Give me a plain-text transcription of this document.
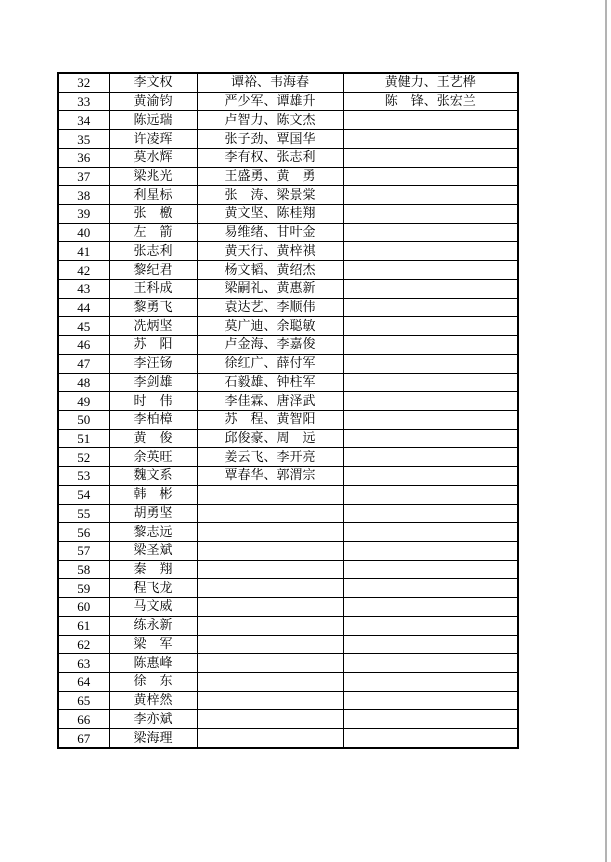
32	李文权	谭裕、韦海春	黄健力、王艺桦
33	黄渝钧	严少军、谭雄升	陈　锋、张宏兰
34	陈远瑞	卢智力、陈文杰	
35	许凌珲	张子劲、覃国华	
36	莫水辉	李有权、张志利	
37	梁兆光	王盛勇、黄　勇	
38	利星标	张　涛、梁景棠	
39	张　檄	黄文坚、陈桂翔	
40	左　箭	易维绪、甘叶金	
41	张志利	黄天行、黄梓祺	
42	黎纪君	杨文韬、黄绍杰	
43	王科成	梁嗣礼、黄惠新	
44	黎勇飞	袁达艺、李顺伟	
45	冼炳坚	莫广迪、余聪敏	
46	苏　阳	卢金海、李嘉俊	
47	李汪钖	徐红广、薛付军	
48	李剑雄	石毅雄、钟柱军	
49	时　伟	李佳霖、唐泽武	
50	李柏樟	苏　程、黄智阳	
51	黄　俊	邱俊豪、周　远	
52	余英旺	姜云飞、李开亮	
53	魏文系	覃春华、郭渭宗	
54	韩　彬		
55	胡勇坚		
56	黎志远		
57	梁圣斌		
58	秦　翔		
59	程飞龙		
60	马文威		
61	练永新		
62	梁　军		
63	陈惠峰		
64	徐　东		
65	黄梓然		
66	李亦斌		
67	梁海理		
